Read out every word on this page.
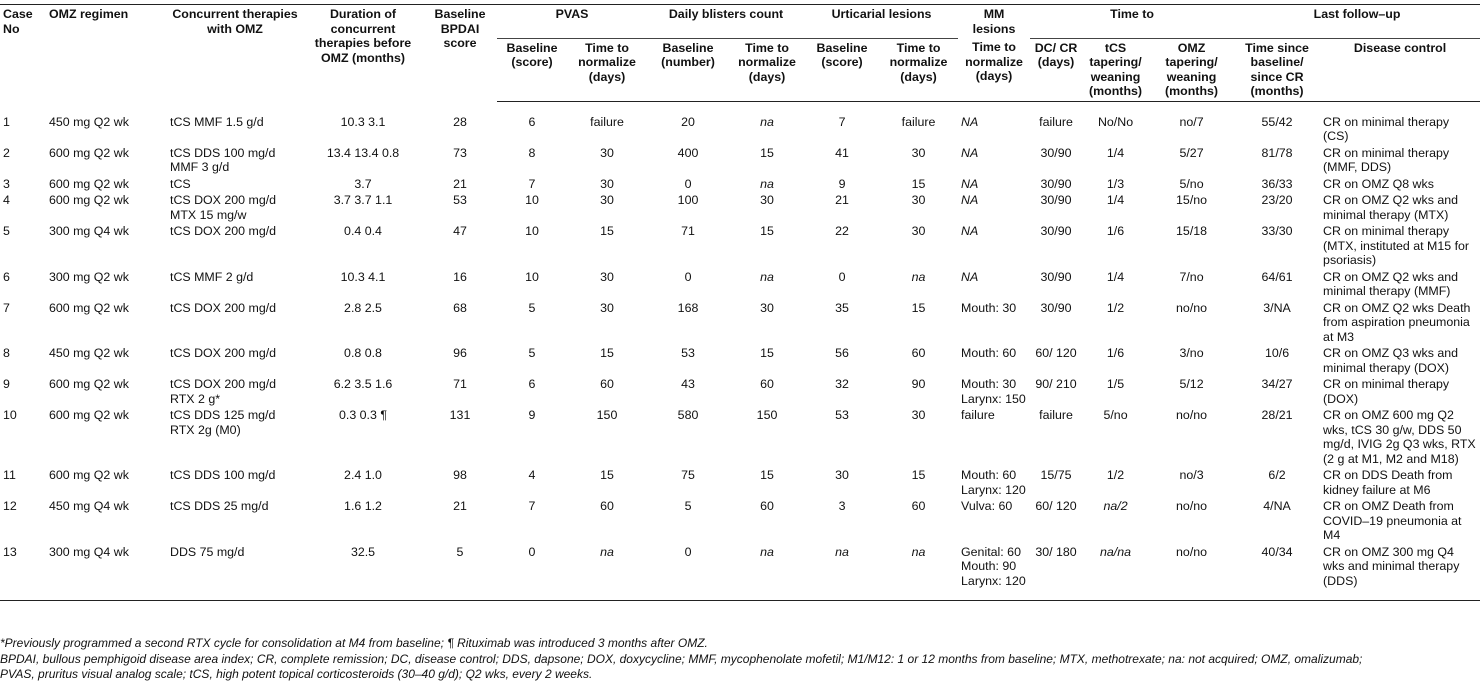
Case No	OMZ regimen	Concurrent therapies with OMZ	Duration of concurrent therapies before OMZ (months)	Baseline BPDAI score	PVAS		Daily blisters count		Urticarial lesions		MM lesions	Time to			Last follow–up	
					Baseline (score)	Time to normalize (days)	Baseline (number)	Time to normalize (days)	Baseline (score)	Time to normalize (days)	Time to normalize (days)	DC/ CR (days)	tCS tapering/ weaning (months)	OMZ tapering/ weaning (months)	Time since baseline/ since CR (months)	Disease control

1	450 mg Q2 wk	tCS MMF 1.5 g/d	10.3 3.1	28	6	failure	20	na	7	failure	NA	failure	No/No	no/7	55/42	CR on minimal therapy (CS)
2	600 mg Q2 wk	tCS DDS 100 mg/d MMF 3 g/d	13.4 13.4 0.8	73	8	30	400	15	41	30	NA	30/90	1/4	5/27	81/78	CR on minimal therapy (MMF, DDS)
3	600 mg Q2 wk	tCS	3.7	21	7	30	0	na	9	15	NA	30/90	1/3	5/no	36/33	CR on OMZ Q8 wks
4	600 mg Q2 wk	tCS DOX 200 mg/d MTX 15 mg/w	3.7 3.7 1.1	53	10	30	100	30	21	30	NA	30/90	1/4	15/no	23/20	CR on OMZ Q2 wks and minimal therapy (MTX)
5	300 mg Q4 wk	tCS DOX 200 mg/d	0.4 0.4	47	10	15	71	15	22	30	NA	30/90	1/6	15/18	33/30	CR on minimal therapy (MTX, instituted at M15 for psoriasis)
6	300 mg Q2 wk	tCS MMF 2 g/d	10.3 4.1	16	10	30	0	na	0	na	NA	30/90	1/4	7/no	64/61	CR on OMZ Q2 wks and minimal therapy (MMF)
7	600 mg Q2 wk	tCS DOX 200 mg/d	2.8 2.5	68	5	30	168	30	35	15	Mouth: 30	30/90	1/2	no/no	3/NA	CR on OMZ Q2 wks Death from aspiration pneumonia at M3
8	450 mg Q2 wk	tCS DOX 200 mg/d	0.8 0.8	96	5	15	53	15	56	60	Mouth: 60	60/ 120	1/6	3/no	10/6	CR on OMZ Q3 wks and minimal therapy (DOX)
9	600 mg Q2 wk	tCS DOX 200 mg/d RTX 2 g*	6.2 3.5 1.6	71	6	60	43	60	32	90	Mouth: 30 Larynx: 150	90/ 210	1/5	5/12	34/27	CR on minimal therapy (DOX)
10	600 mg Q2 wk	tCS DDS 125 mg/d RTX 2g (M0)	0.3 0.3 ¶	131	9	150	580	150	53	30	failure	failure	5/no	no/no	28/21	CR on OMZ 600 mg Q2 wks, tCS 30 g/w, DDS 50 mg/d, IVIG 2g Q3 wks, RTX (2 g at M1, M2 and M18)
11	600 mg Q2 wk	tCS DDS 100 mg/d	2.4 1.0	98	4	15	75	15	30	15	Mouth: 60 Larynx: 120	15/75	1/2	no/3	6/2	CR on DDS Death from kidney failure at M6
12	450 mg Q4 wk	tCS DDS 25 mg/d	1.6 1.2	21	7	60	5	60	3	60	Vulva: 60	60/ 120	na/2	no/no	4/NA	CR on OMZ Death from COVID–19 pneumonia at M4
13	300 mg Q4 wk	DDS 75 mg/d	32.5	5	0	na	0	na	na	na	Genital: 60 Mouth: 90 Larynx: 120	30/ 180	na/na	no/no	40/34	CR on OMZ 300 mg Q4 wks and minimal therapy (DDS)
*Previously programmed a second RTX cycle for consolidation at M4 from baseline; ¶ Rituximab was introduced 3 months after OMZ.
BPDAI, bullous pemphigoid disease area index; CR, complete remission; DC, disease control; DDS, dapsone; DOX, doxycycline; MMF, mycophenolate mofetil; M1/M12: 1 or 12 months from baseline; MTX, methotrexate; na: not acquired; OMZ, omalizumab;
PVAS, pruritus visual analog scale; tCS, high potent topical corticosteroids (30–40 g/d); Q2 wks, every 2 weeks.
